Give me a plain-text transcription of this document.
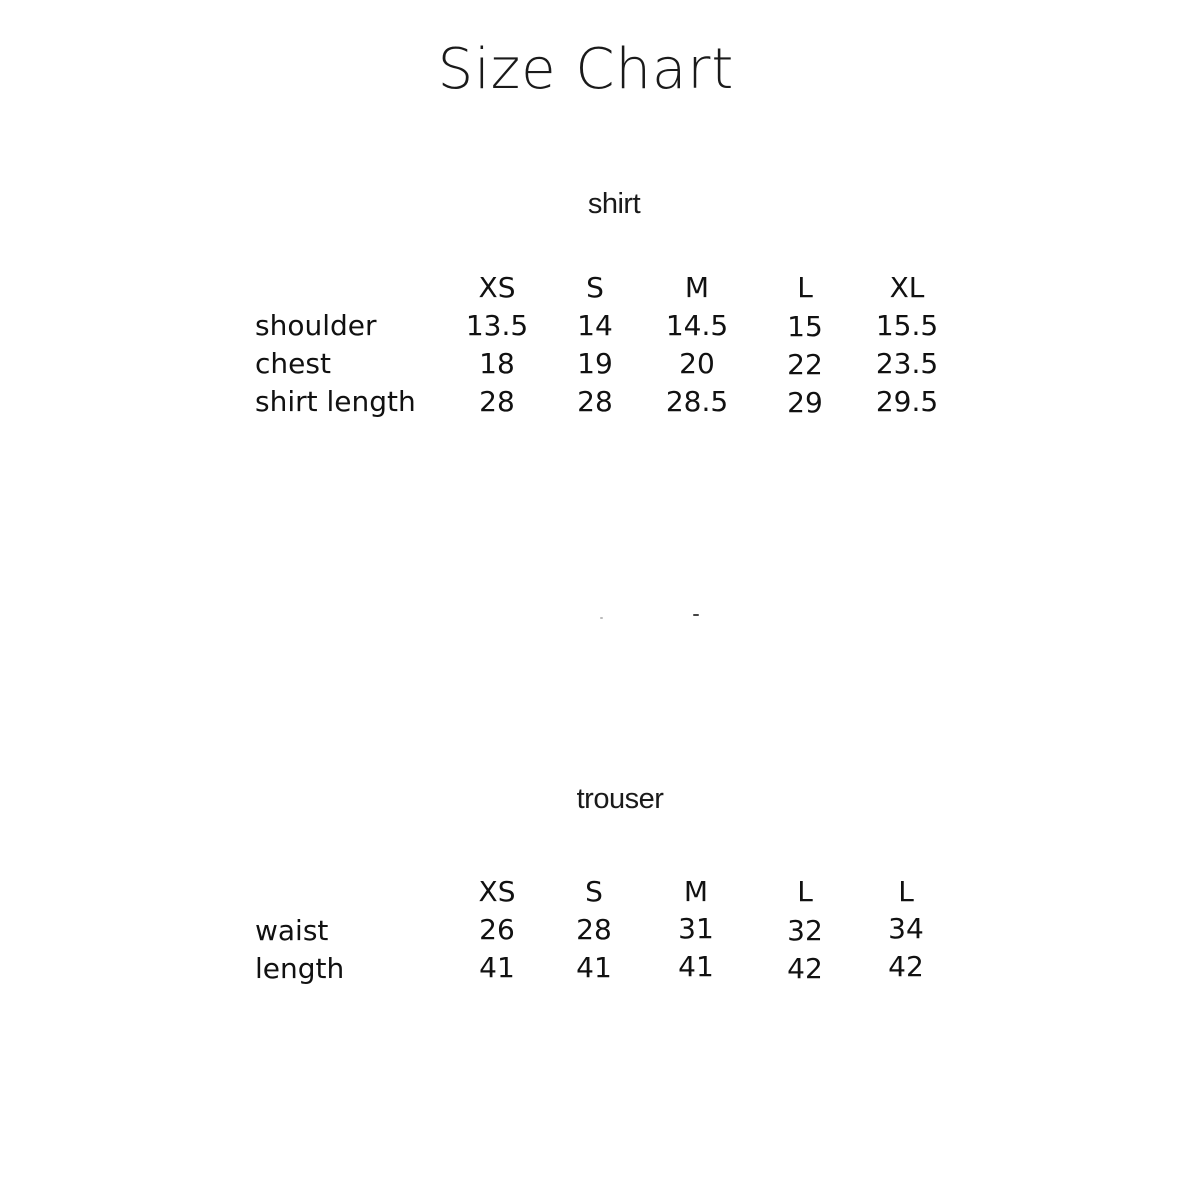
Size Chart
shirt
XS	S	M	L	XL
shoulder	13.5	14	14.5	15	15.5
chest	18	19	20	22	23.5
shirt length	28	28	28.5	29	29.5
trouser
XS	S	M	L	L
waist	26	28	31	32	34
length	41	41	41	42	42
